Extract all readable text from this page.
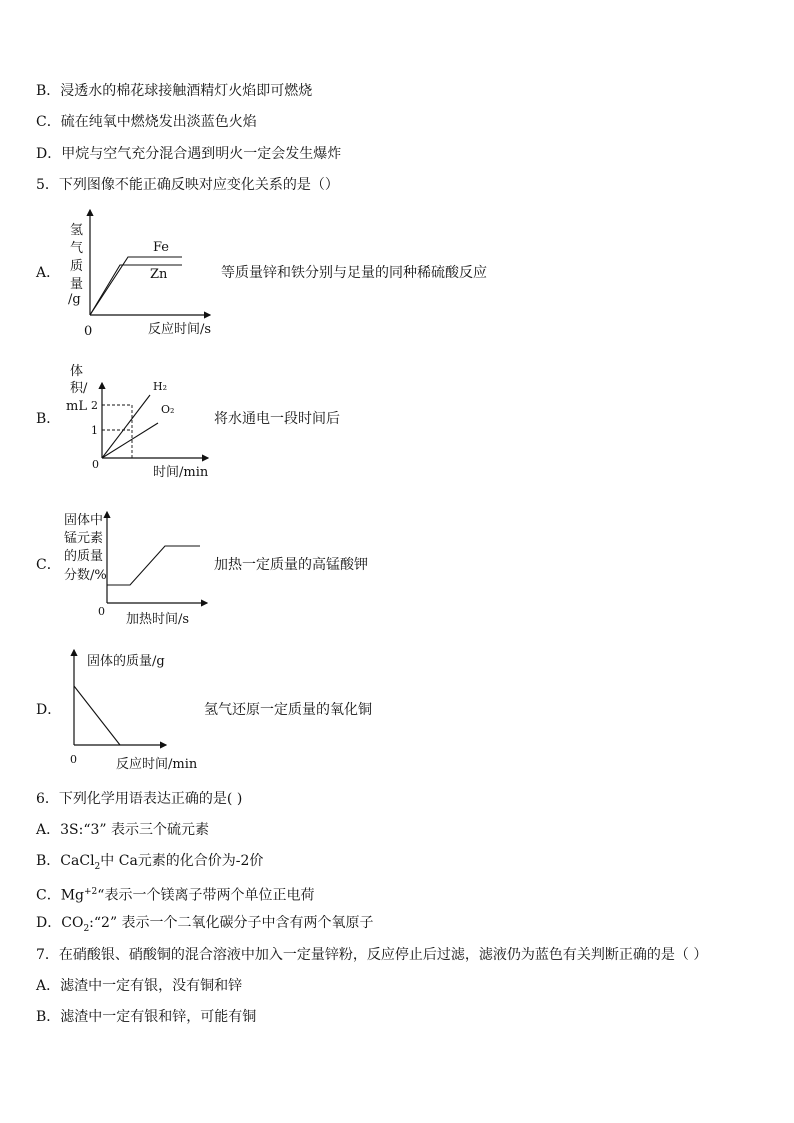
B．浸透水的棉花球接触酒精灯火焰即可燃烧
C．硫在纯氧中燃烧发出淡蓝色火焰
D．甲烷与空气充分混合遇到明火一定会发生爆炸
5．下列图像不能正确反映对应变化关系的是（）
A．
氢
气
质
量
/g
0	反应时间/s
Fe
Zn	等质量锌和铁分别与足量的同种稀硫酸反应
B．
体
积/
mL 2
1
H₂
O₂
0
时间/min
将水通电一段时间后
C．
固体中
锰元素
的质量
分数/%
0
加热时间/s
加热一定质量的高锰酸钾
D．
固体的质量/g
0	反应时间/min
氢气还原一定质量的氧化铜
6．下列化学用语表达正确的是( )
A．3S:“3” 表示三个硫元素
B．CaCl$_2$中 Ca元素的化合价为-2价
C．$Mg^{+2}“$表示一个镁离子带两个单位正电荷
D．$CO_2:“2$” 表示一个二氧化碳分子中含有两个氧原子
7．在硝酸银、硝酸铜的混合溶液中加入一定量锌粉，反应停止后过滤，滤液仍为蓝色有关判断正确的是（ ）
A．滤渣中一定有银，没有铜和锌
B．滤渣中一定有银和锌，可能有铜
